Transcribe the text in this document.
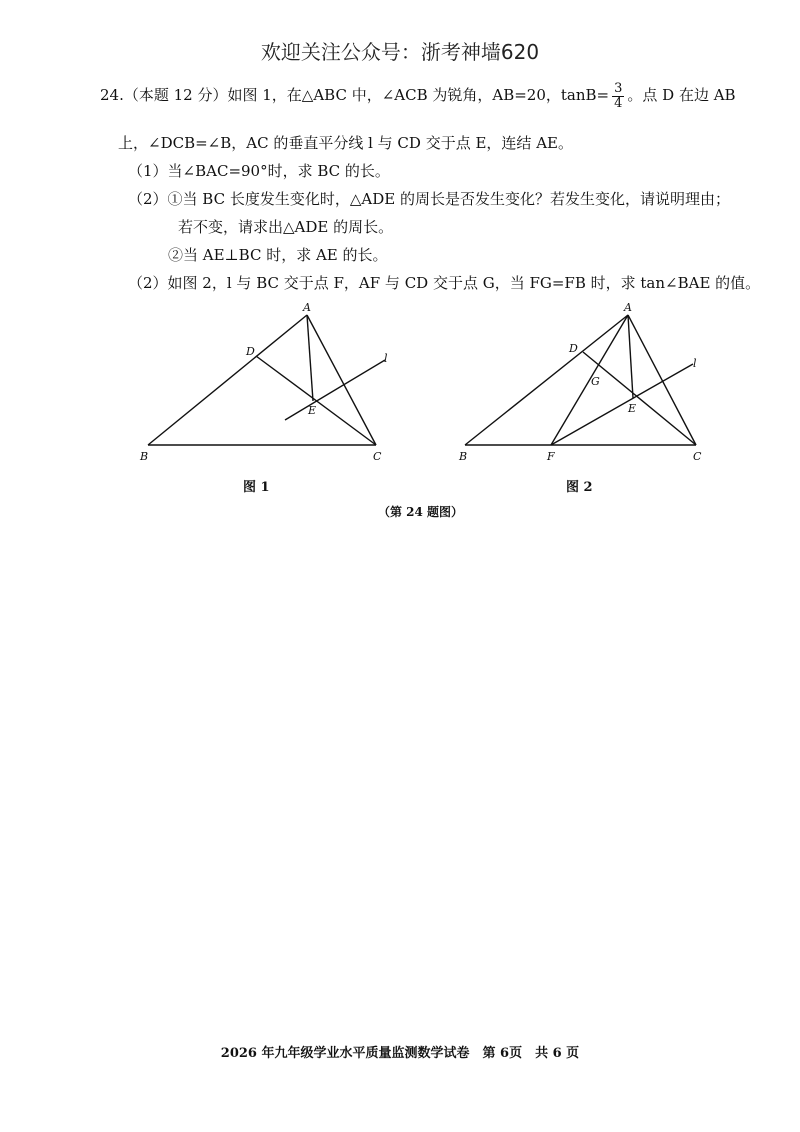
欢迎关注公众号：浙考神墙620
24.（本题 12 分）如图 1，在△ABC 中，∠ACB 为锐角，AB=20，$\tan B= \frac{3}{4}$ 。点 D 在边 AB
上，∠DCB=∠B，AC 的垂直平分线 l 与 CD 交于点 E，连结 AE。
（1）当∠BAC=90°时，求 BC 的长。
（2）①当 BC 长度发生变化时，△ADE 的周长是否发生变化？若发生变化，请说明理由；
若不变，请求出△ADE 的周长。
②当 AE⊥BC 时，求 AE 的长。
（2）如图 2，l 与 BC 交于点 F，AF 与 CD 交于点 G，当 FG=FB 时，求 tan∠BAE 的值。
A
B	C
D
E
l
图 1
A
B	C
D
E
F
G
l
图 2
（第 24 题图）
2026 年九年级学业水平质量监测数学试卷　第 6页　共 6 页
